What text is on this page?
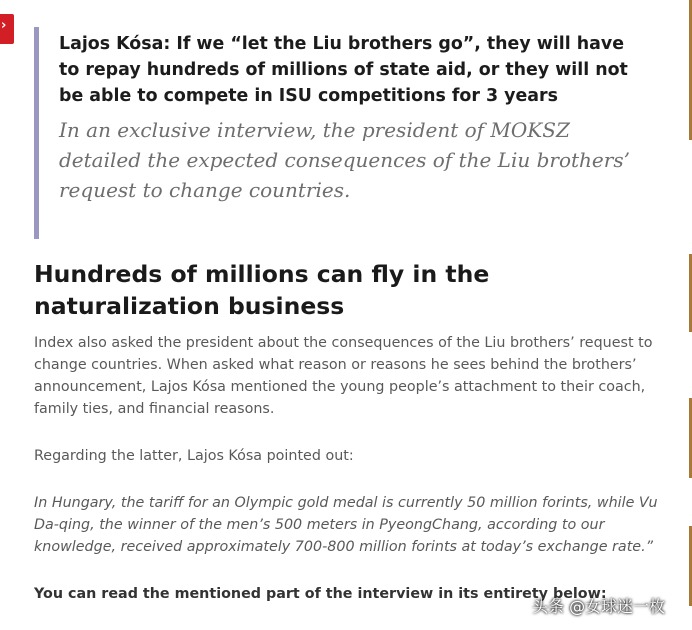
›

Lajos Kósa: If we “let the Liu brothers go”, they will have to repay hundreds of millions of state aid, or they will not be able to compete in ISU competitions for 3 years

In an exclusive interview, the president of MOKSZ detailed the expected consequences of the Liu brothers’ request to change countries.

Hundreds of millions can fly in the naturalization business

Index also asked the president about the consequences of the Liu brothers’ request to change countries. When asked what reason or reasons he sees behind the brothers’ announcement, Lajos Kósa mentioned the young people’s attachment to their coach, family ties, and financial reasons.

Regarding the latter, Lajos Kósa pointed out:

In Hungary, the tariff for an Olympic gold medal is currently 50 million forints, while Vu Da-qing, the winner of the men’s 500 meters in PyeongChang, according to our knowledge, received approximately 700-800 million forints at today’s exchange rate.”

You can read the mentioned part of the interview in its entirety below:

头条 @女球迷一枚
